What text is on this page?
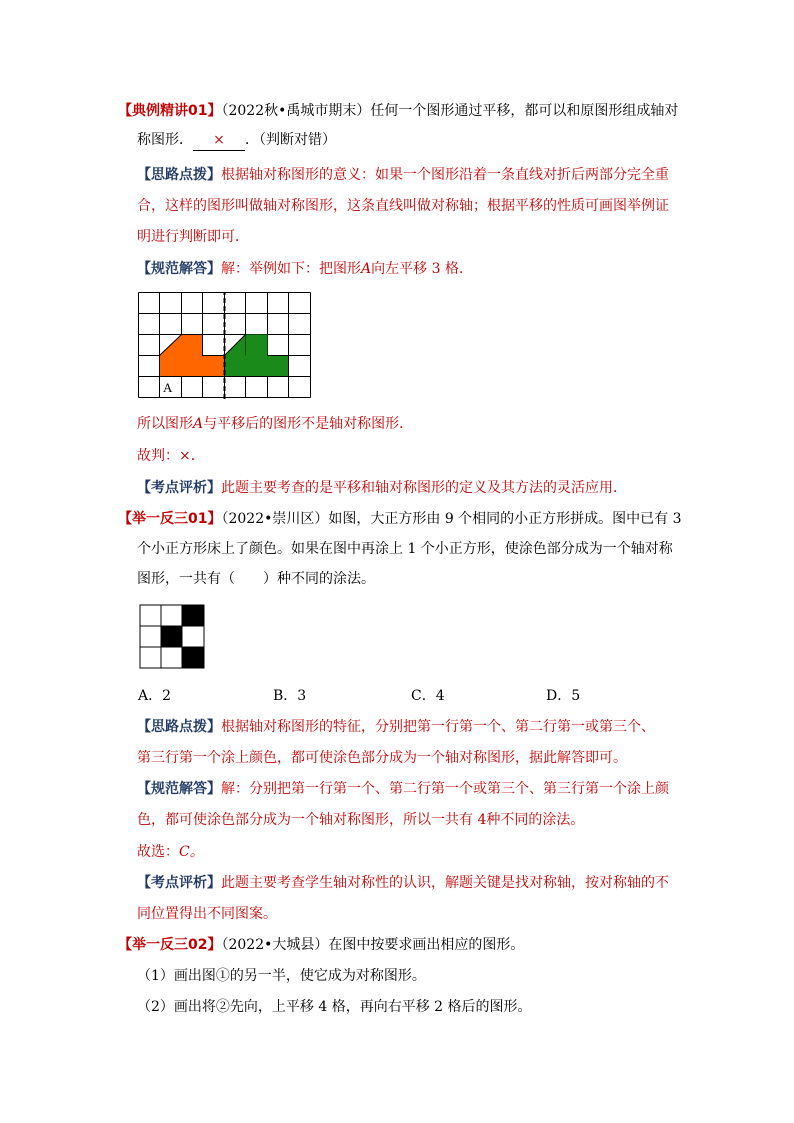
【典例精讲01】（2022秋•禹城市期末）任何一个图形通过平移，都可以和原图形组成轴对
称图形． × ．（判断对错）
【思路点拨】根据轴对称图形的意义：如果一个图形沿着一条直线对折后两部分完全重
合，这样的图形叫做轴对称图形，这条直线叫做对称轴；根据平移的性质可画图举例证
明进行判断即可．
【规范解答】解：举例如下：把图形A向左平移 3 格．
A
所以图形A与平移后的图形不是轴对称图形．
故判：×．
【考点评析】此题主要考查的是平移和轴对称图形的定义及其方法的灵活应用．
【举一反三01】（2022•崇川区）如图，大正方形由 9 个相同的小正方形拼成。图中已有 3
个小正方形床上了颜色。如果在图中再涂上 1 个小正方形，使涂色部分成为一个轴对称
图形，一共有（　　）种不同的涂法。
A．2	B．3	C．4	D．5
【思路点拨】根据轴对称图形的特征，分别把第一行第一个、第二行第一或第三个、
第三行第一个涂上颜色，都可使涂色部分成为一个轴对称图形，据此解答即可。
【规范解答】解：分别把第一行第一个、第二行第一个或第三个、第三行第一个涂上颜
色，都可使涂色部分成为一个轴对称图形，所以一共有 4种不同的涂法。
故选：C。
【考点评析】此题主要考查学生轴对称性的认识，解题关键是找对称轴，按对称轴的不
同位置得出不同图案。
【举一反三02】（2022•大城县）在图中按要求画出相应的图形。
（1）画出图①的另一半，使它成为对称图形。
（2）画出将②先向，上平移 4 格，再向右平移 2 格后的图形。
